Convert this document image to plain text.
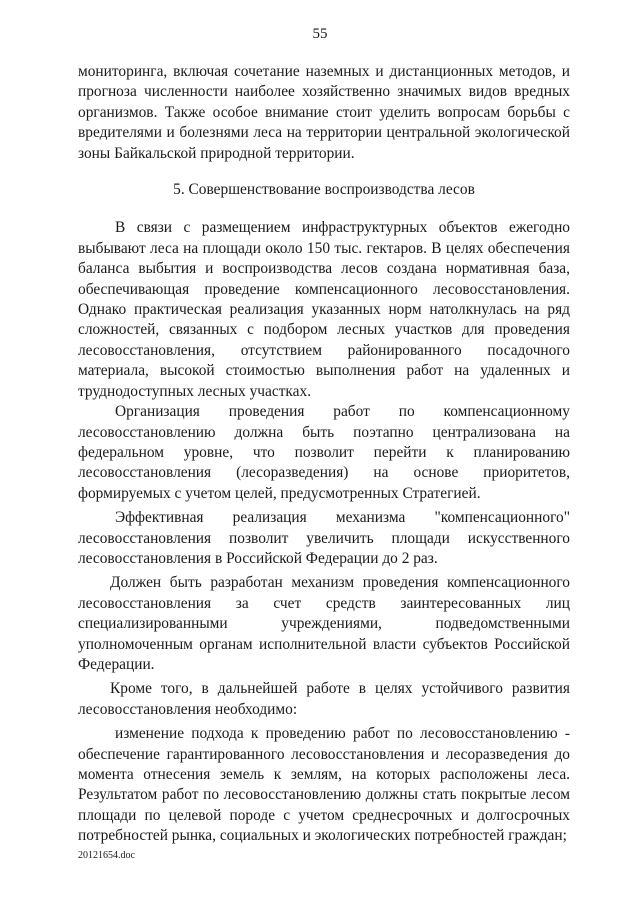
55

мониторинга, включая сочетание наземных и дистанционных методов, и прогноза численности наиболее хозяйственно значимых видов вредных организмов. Также особое внимание стоит уделить вопросам борьбы с вредителями и болезнями леса на территории центральной экологической зоны Байкальской природной территории.

5. Совершенствование воспроизводства лесов

В связи с размещением инфраструктурных объектов ежегодно выбывают леса на площади около 150 тыс. гектаров. В целях обеспечения баланса выбытия и воспроизводства лесов создана нормативная база, обеспечивающая проведение компенсационного лесовосстановления. Однако практическая реализация указанных норм натолкнулась на ряд сложностей, связанных с подбором лесных участков для проведения лесовосстановления, отсутствием районированного посадочного материала, высокой стоимостью выполнения работ на удаленных и труднодоступных лесных участках.

Организация проведения работ по компенсационному лесовосстановлению должна быть поэтапно централизована на федеральном уровне, что позволит перейти к планированию лесовосстановления (лесоразведения) на основе приоритетов, формируемых с учетом целей, предусмотренных Стратегией.

Эффективная реализация механизма "компенсационного" лесовосстановления позволит увеличить площади искусственного лесовосстановления в Российской Федерации до 2 раз.

Должен быть разработан механизм проведения компенсационного лесовосстановления за счет средств заинтересованных лиц специализированными учреждениями, подведомственными уполномоченным органам исполнительной власти субъектов Российской Федерации.

Кроме того, в дальнейшей работе в целях устойчивого развития лесовосстановления необходимо:

изменение подхода к проведению работ по лесовосстановлению - обеспечение гарантированного лесовосстановления и лесоразведения до момента отнесения земель к землям, на которых расположены леса. Результатом работ по лесовосстановлению должны стать покрытые лесом площади по целевой породе с учетом среднесрочных и долгосрочных потребностей рынка, социальных и экологических потребностей граждан;

20121654.doc
